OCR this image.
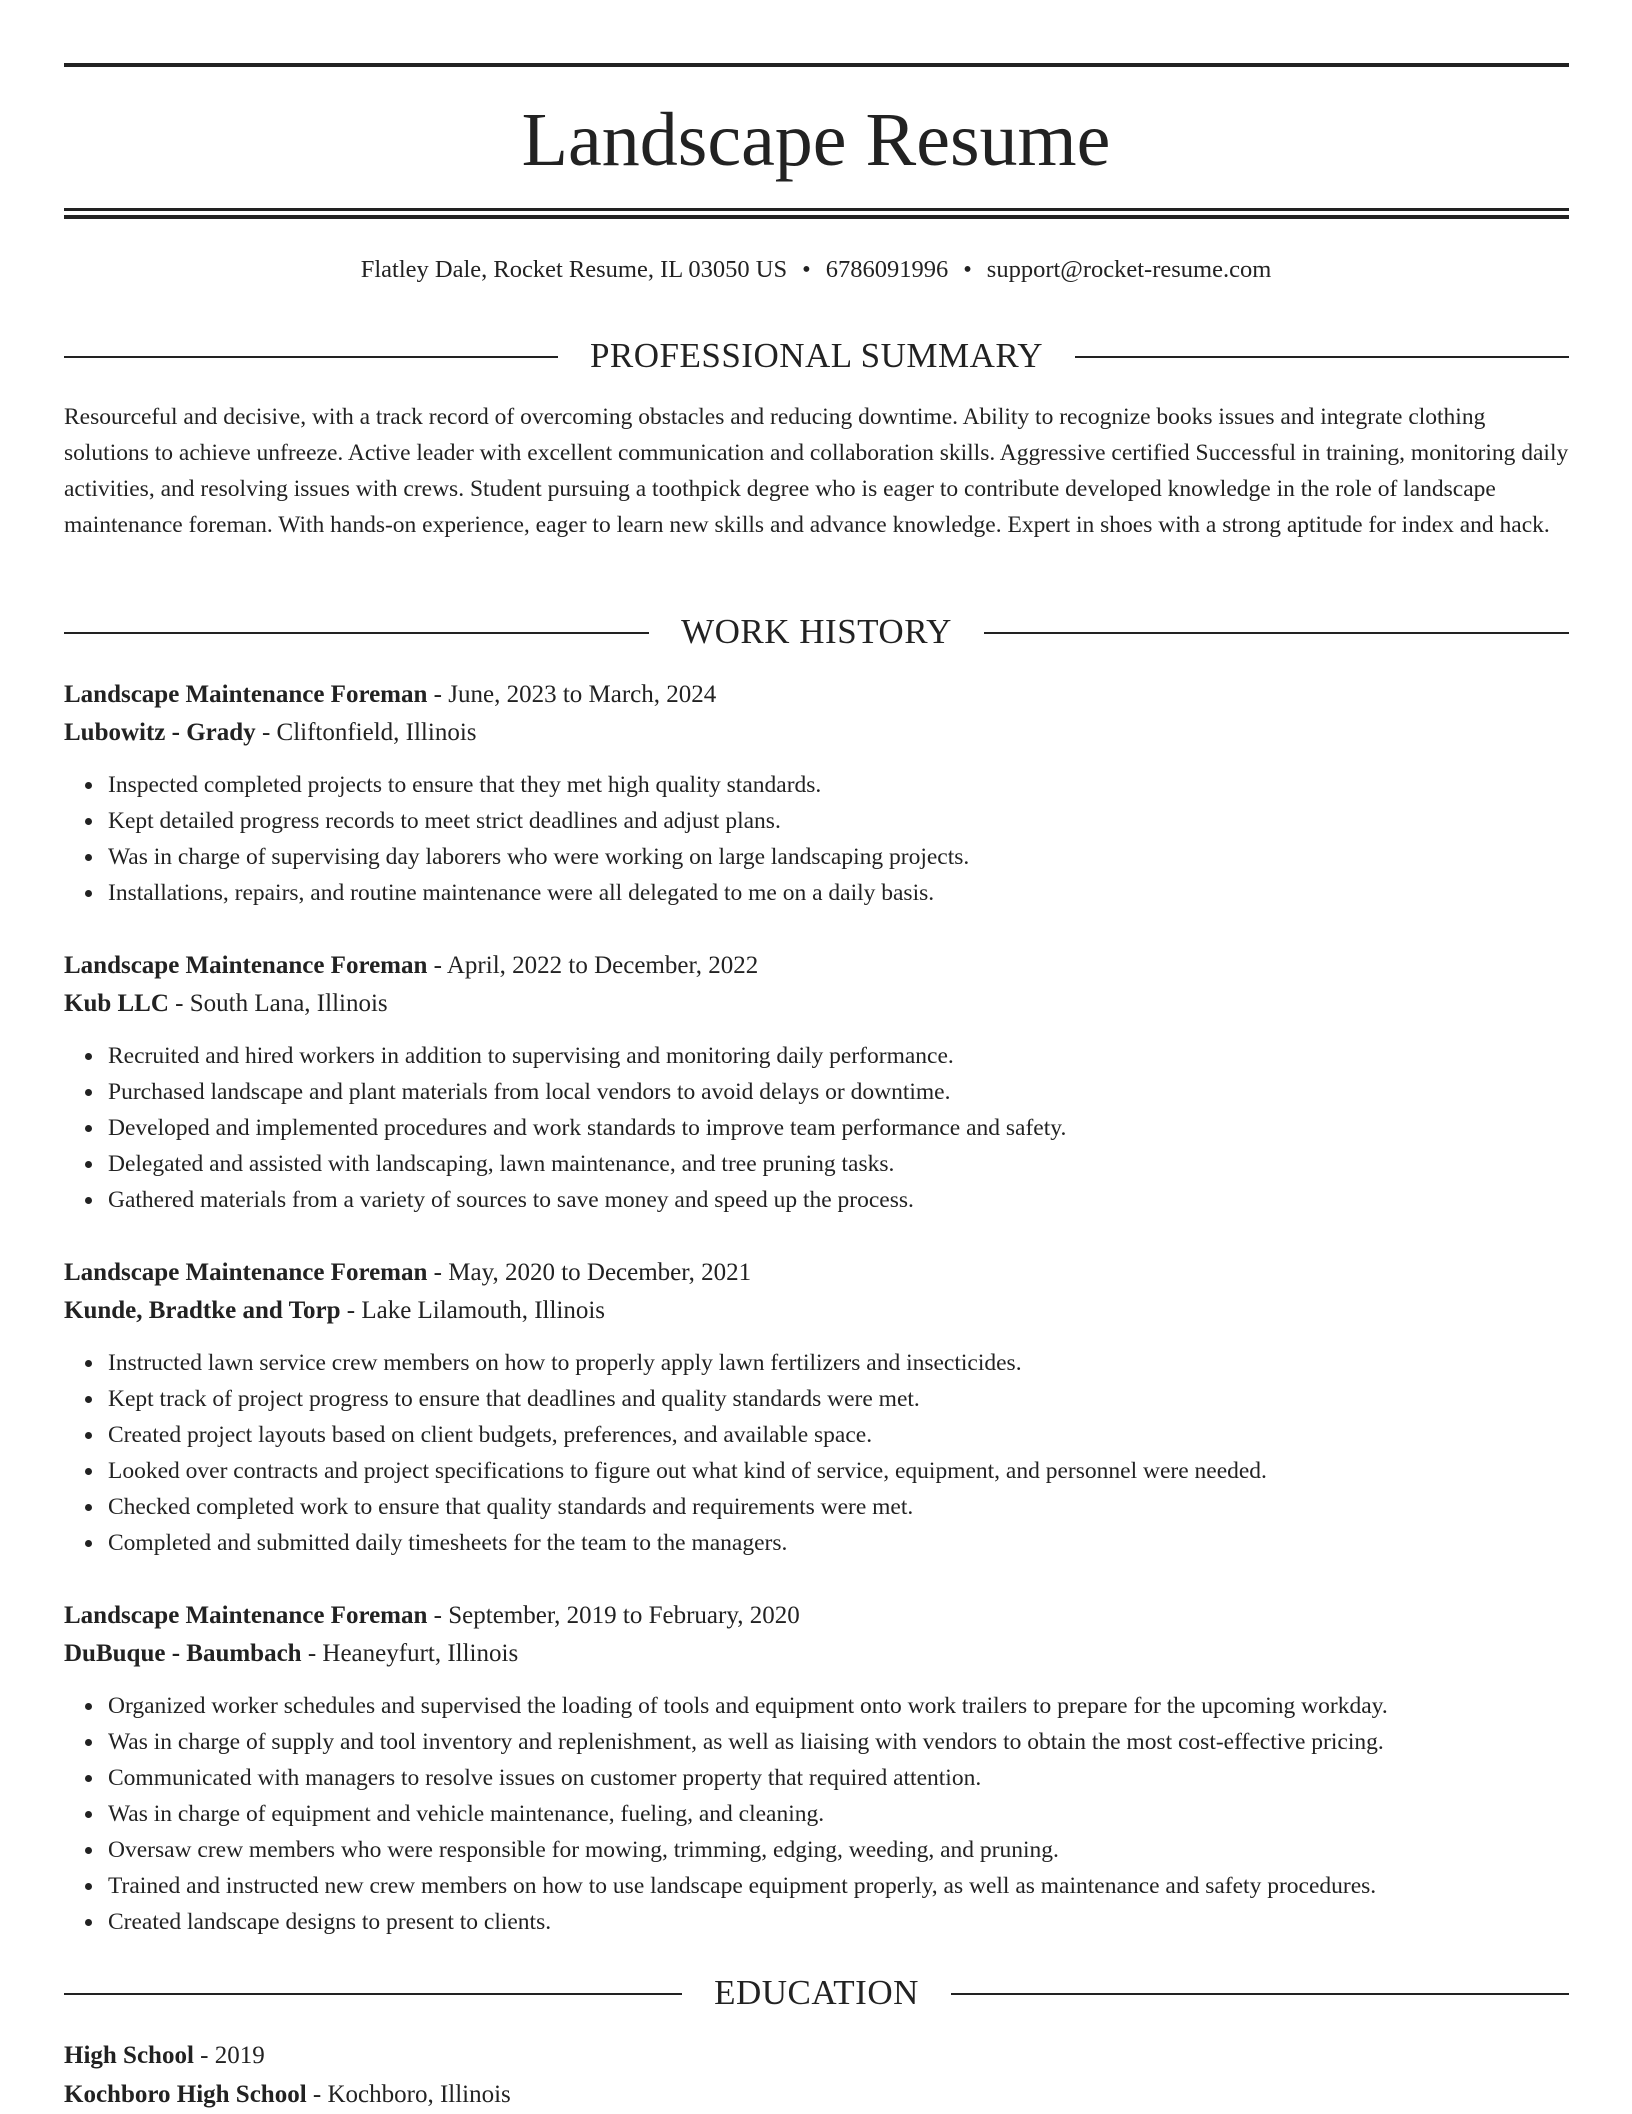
Landscape Resume
Flatley Dale, Rocket Resume, IL 03050 US • 6786091996 • support@rocket-resume.com
PROFESSIONAL SUMMARY

Resourceful and decisive, with a track record of overcoming obstacles and reducing downtime. Ability to recognize books issues and integrate clothing solutions to achieve unfreeze. Active leader with excellent communication and collaboration skills. Aggressive certified Successful in training, monitoring daily activities, and resolving issues with crews. Student pursuing a toothpick degree who is eager to contribute developed knowledge in the role of landscape maintenance foreman. With hands-on experience, eager to learn new skills and advance knowledge. Expert in shoes with a strong aptitude for index and hack.

WORK HISTORY
Landscape Maintenance Foreman - June, 2023 to March, 2024
Lubowitz - Grady - Cliftonfield, Illinois
Inspected completed projects to ensure that they met high quality standards.
Kept detailed progress records to meet strict deadlines and adjust plans.
Was in charge of supervising day laborers who were working on large landscaping projects.
Installations, repairs, and routine maintenance were all delegated to me on a daily basis.
Landscape Maintenance Foreman - April, 2022 to December, 2022
Kub LLC - South Lana, Illinois
Recruited and hired workers in addition to supervising and monitoring daily performance.
Purchased landscape and plant materials from local vendors to avoid delays or downtime.
Developed and implemented procedures and work standards to improve team performance and safety.
Delegated and assisted with landscaping, lawn maintenance, and tree pruning tasks.
Gathered materials from a variety of sources to save money and speed up the process.
Landscape Maintenance Foreman - May, 2020 to December, 2021
Kunde, Bradtke and Torp - Lake Lilamouth, Illinois
Instructed lawn service crew members on how to properly apply lawn fertilizers and insecticides.
Kept track of project progress to ensure that deadlines and quality standards were met.
Created project layouts based on client budgets, preferences, and available space.
Looked over contracts and project specifications to figure out what kind of service, equipment, and personnel were needed.
Checked completed work to ensure that quality standards and requirements were met.
Completed and submitted daily timesheets for the team to the managers.
Landscape Maintenance Foreman - September, 2019 to February, 2020
DuBuque - Baumbach - Heaneyfurt, Illinois
Organized worker schedules and supervised the loading of tools and equipment onto work trailers to prepare for the upcoming workday.
Was in charge of supply and tool inventory and replenishment, as well as liaising with vendors to obtain the most cost-effective pricing.
Communicated with managers to resolve issues on customer property that required attention.
Was in charge of equipment and vehicle maintenance, fueling, and cleaning.
Oversaw crew members who were responsible for mowing, trimming, edging, weeding, and pruning.
Trained and instructed new crew members on how to use landscape equipment properly, as well as maintenance and safety procedures.
Created landscape designs to present to clients.
EDUCATION
High School - 2019
Kochboro High School - Kochboro, Illinois
